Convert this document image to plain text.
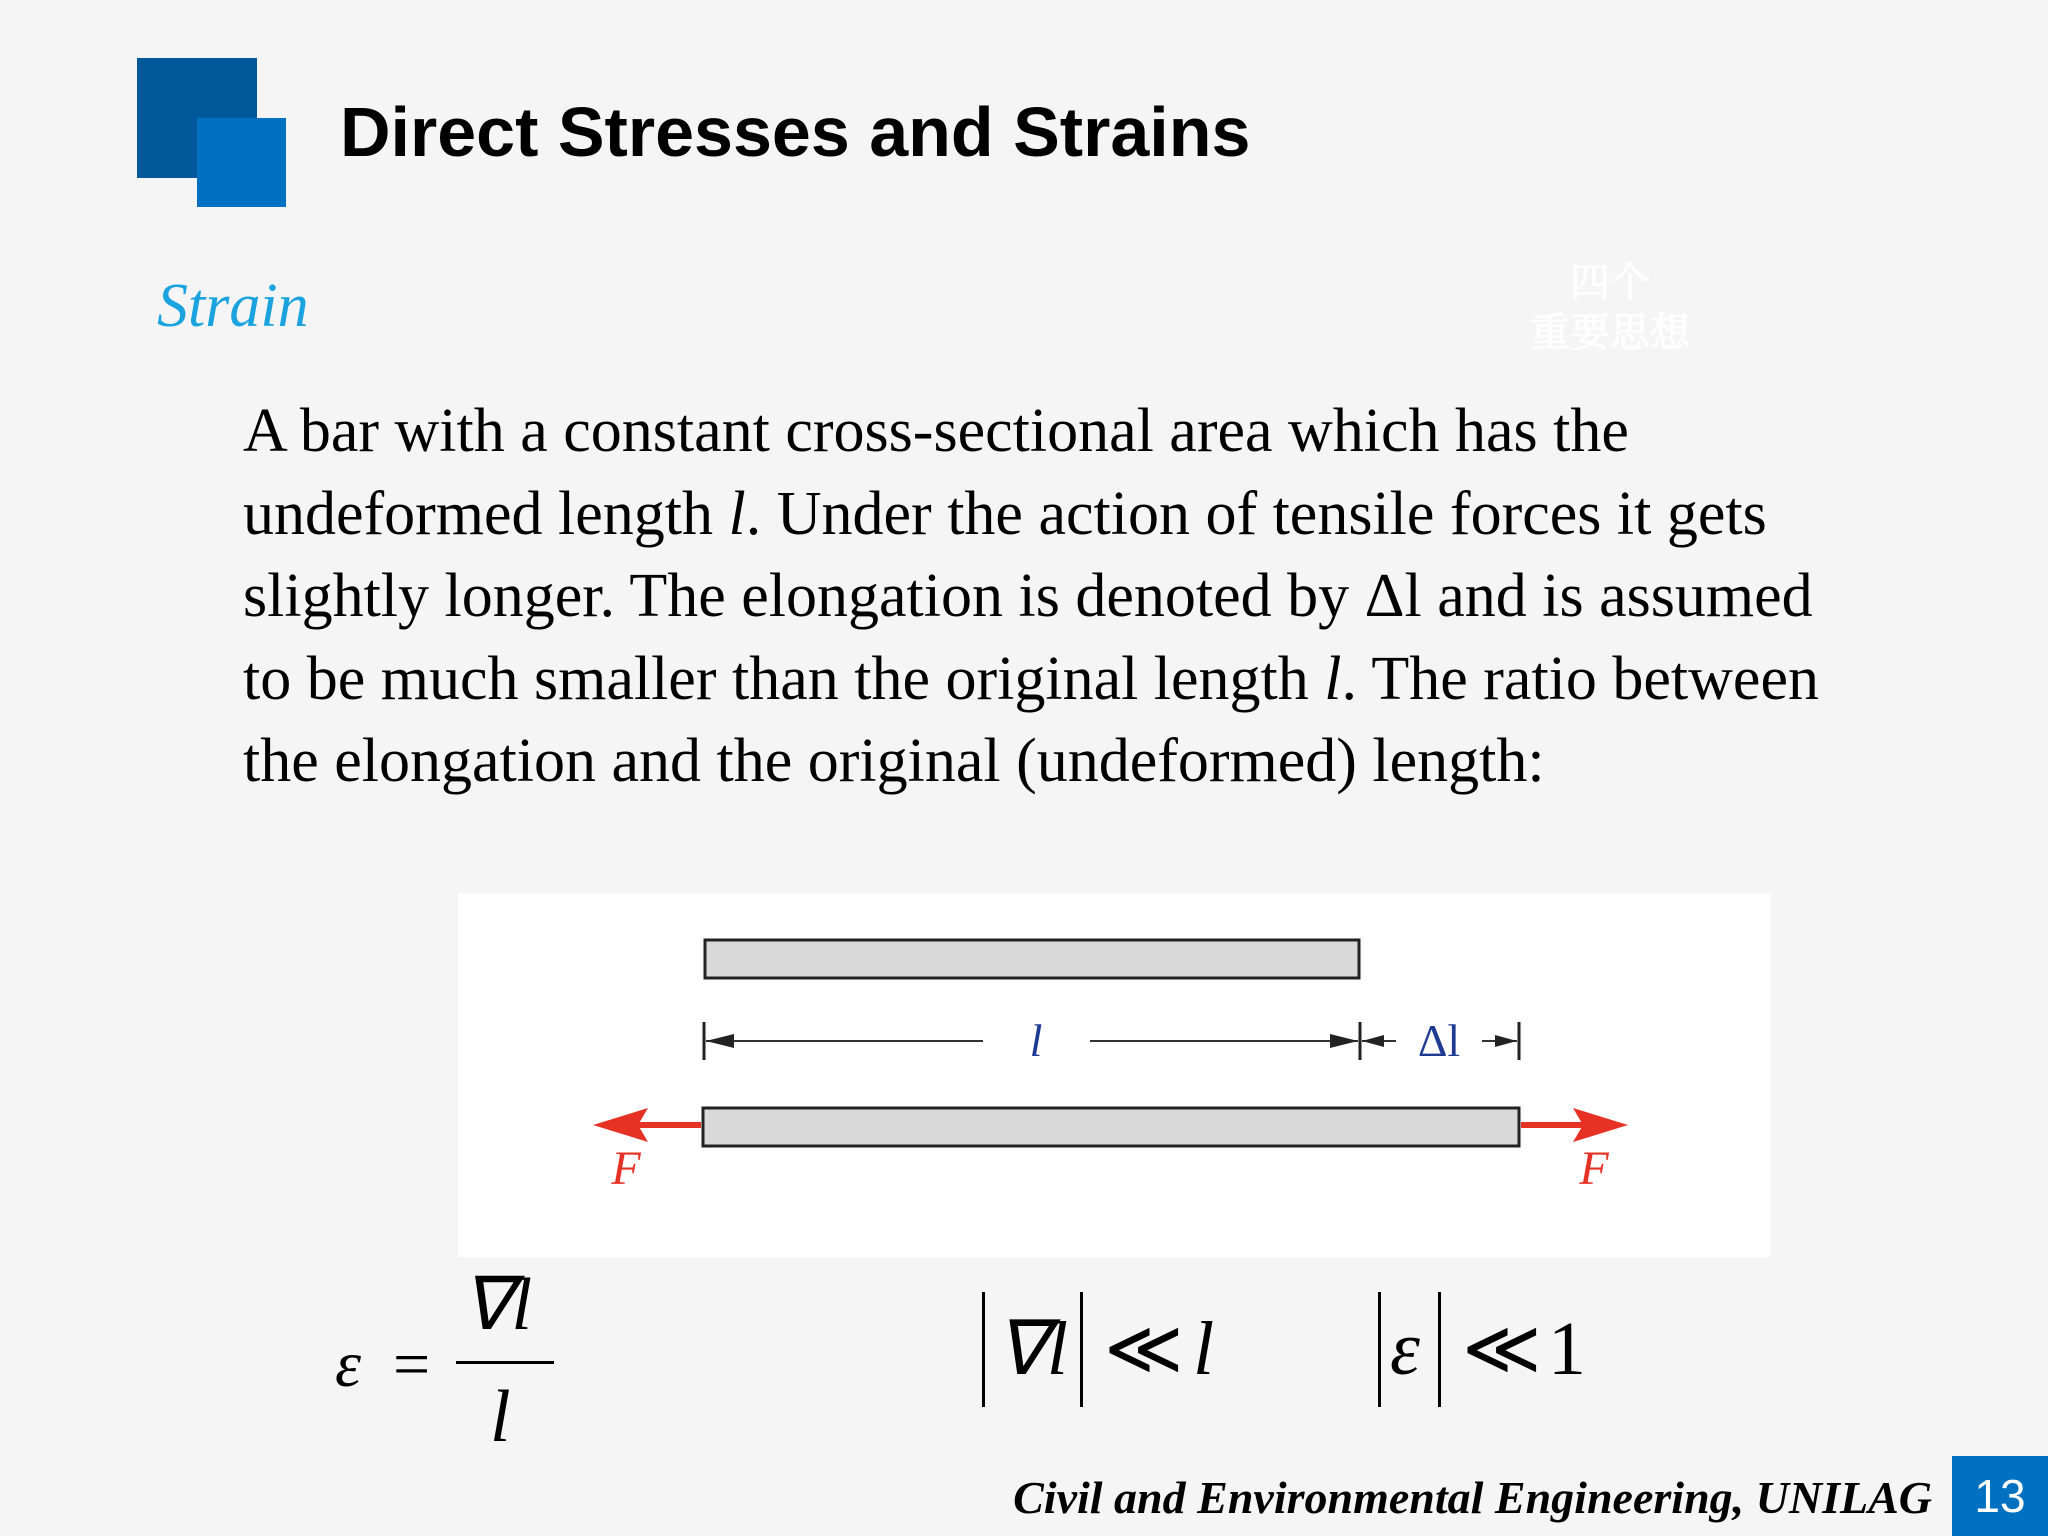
Direct Stresses and Strains
Strain	四个
重要思想

A bar with a constant cross-sectional area which has the undeformed length l. Under the action of tensile forces it gets slightly longer. The elongation is denoted by Δl and is assumed to be much smaller than the original length l. The ratio between the elongation and the original (undeformed) length:

l	Δl
F	F
ε =
∇l
l
∇l ≪ l ε ≪ 1

Civil and Environmental Engineering, UNILAG 13
